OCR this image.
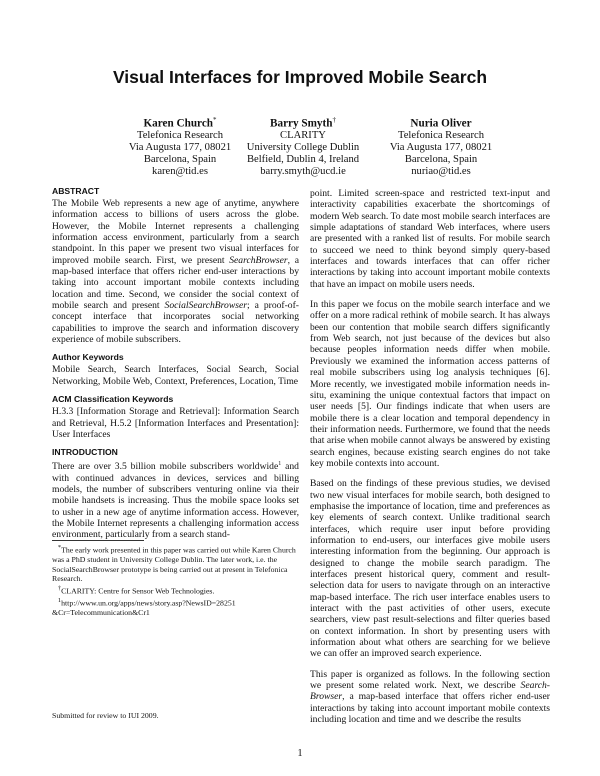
Visual Interfaces for Improved Mobile Search
Karen Church*
Telefonica Research
Via Augusta 177, 08021
Barcelona, Spain
karen@tid.es
Barry Smyth†
CLARITY
University College Dublin
Belfield, Dublin 4, Ireland
barry.smyth@ucd.ie
Nuria Oliver
Telefonica Research
Via Augusta 177, 08021
Barcelona, Spain
nuriao@tid.es
ABSTRACT
The Mobile Web represents a new age of anytime, anywhere information access to billions of users across the globe. However, the Mobile Internet represents a challenging information access environment, particularly from a search standpoint. In this paper we present two visual interfaces for improved mobile search. First, we present SearchBrowser, a map-based interface that offers richer end-user interactions by taking into account important mobile contexts including location and time. Second, we consider the social context of mobile search and present SocialSearchBrowser; a proof-of-concept interface that incorporates social networking capabilities to improve the search and information discovery experience of mobile subscribers.
Author Keywords
Mobile Search, Search Interfaces, Social Search, Social Networking, Mobile Web, Context, Preferences, Location, Time
ACM Classification Keywords
H.3.3 [Information Storage and Retrieval]: Information Search and Retrieval, H.5.2 [Information Interfaces and Presentation]: User Interfaces
INTRODUCTION
There are over 3.5 billion mobile subscribers worldwide$^1$ and with continued advances in devices, services and billing models, the number of subscribers venturing online via their mobile handsets is increasing. Thus the mobile space looks set to usher in a new age of anytime information access. However, the Mobile Internet represents a challenging information access environment, particularly from a search stand-

*The early work presented in this paper was carried out while Karen Church was a PhD student in University College Dublin. The later work, i.e. the SocialSearchBrowser prototype is being carried out at present in Telefonica Research.

†CLARITY: Centre for Sensor Web Technologies.

$^1$http://www.un.org/apps/news/story.asp?NewsID=28251 &Cr=Telecommunication&Cr1

Submitted for review to IUI 2009.

point. Limited screen-space and restricted text-input and interactivity capabilities exacerbate the shortcomings of modern Web search. To date most mobile search interfaces are simple adaptations of standard Web interfaces, where users are presented with a ranked list of results. For mobile search to succeed we need to think beyond simply query-based interfaces and towards interfaces that can offer richer interactions by taking into account important mobile contexts that have an impact on mobile users needs.

In this paper we focus on the mobile search interface and we offer on a more radical rethink of mobile search. It has always been our contention that mobile search differs significantly from Web search, not just because of the devices but also because peoples information needs differ when mobile. Previously we examined the information access patterns of real mobile subscribers using log analysis techniques [6]. More recently, we investigated mobile information needs in-situ, examining the unique contextual factors that impact on user needs [5]. Our findings indicate that when users are mobile there is a clear location and temporal dependency in their information needs. Furthermore, we found that the needs that arise when mobile cannot always be answered by existing search engines, because existing search engines do not take key mobile contexts into account.

Based on the findings of these previous studies, we devised two new visual interfaces for mobile search, both designed to emphasise the importance of location, time and preferences as key elements of search context. Unlike traditional search interfaces, which require user input before providing information to end-users, our interfaces give mobile users interesting information from the beginning. Our approach is designed to change the mobile search paradigm. The interfaces present historical query, comment and result-selection data for users to navigate through on an interactive map-based interface. The rich user interface enables users to interact with the past activities of other users, execute searchers, view past result-selections and filter queries based on context information. In short by presenting users with information about what others are searching for we believe we can offer an improved search experience.

This paper is organized as follows. In the following section we present some related work. Next, we describe Search-Browser, a map-based interface that offers richer end-user interactions by taking into account important mobile contexts including location and time and we describe the results

1
